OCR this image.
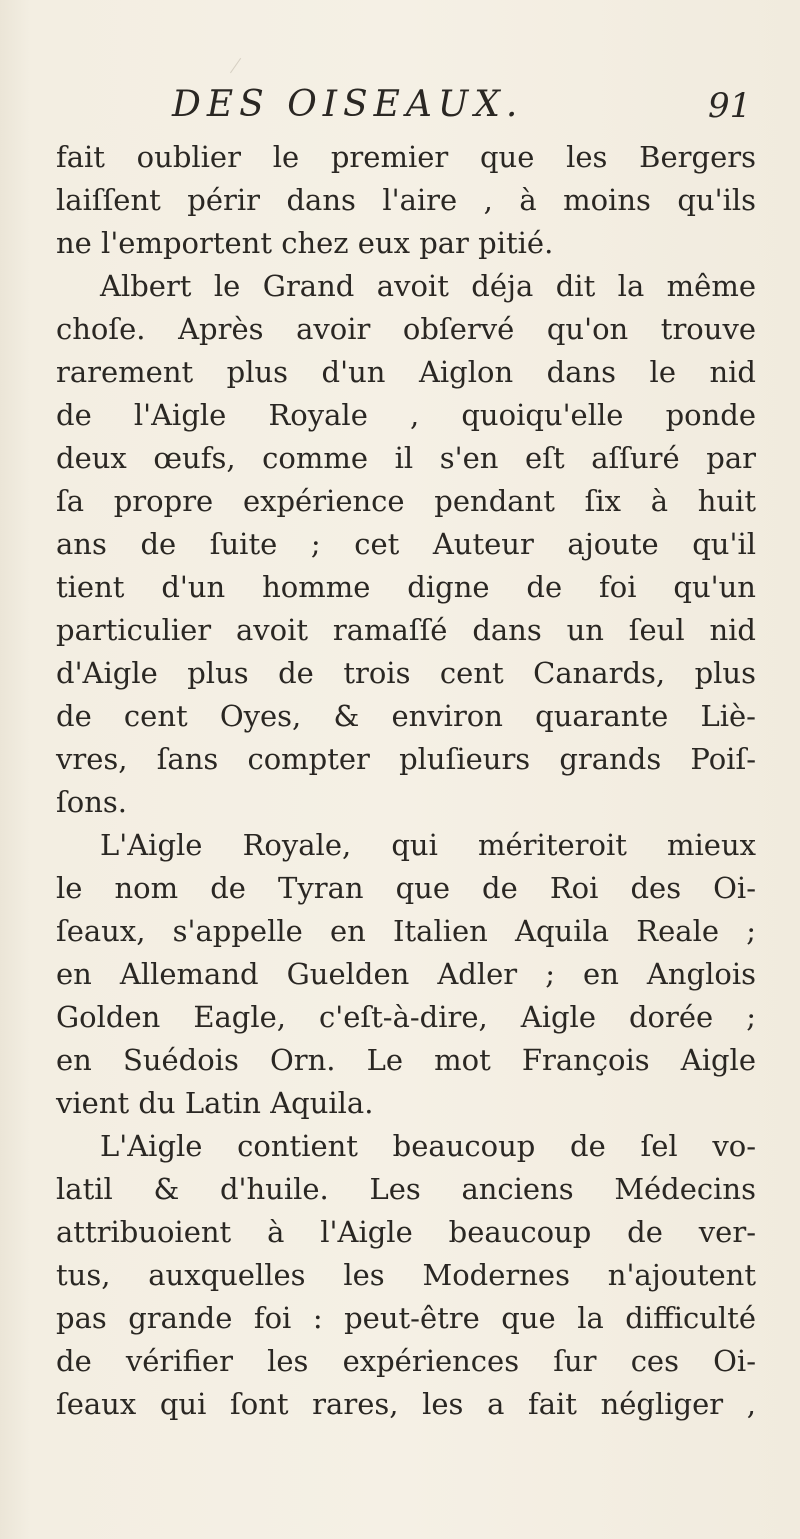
DES OISEAUX.	91
fait oublier le premier que les Bergers
laiſſent périr dans l'aire , à moins qu'ils
ne l'emportent chez eux par pitié.
Albert le Grand avoit déja dit la même
choſe. Après avoir obſervé qu'on trouve
rarement plus d'un Aiglon dans le nid
de l'Aigle Royale , quoiqu'elle ponde
deux œufs, comme il s'en eſt aſſuré par
ſa propre expérience pendant ſix à huit
ans de ſuite ; cet Auteur ajoute qu'il
tient d'un homme digne de foi qu'un
particulier avoit ramaſſé dans un ſeul nid
d'Aigle plus de trois cent Canards, plus
de cent Oyes, & environ quarante Liè-
vres, ſans compter pluſieurs grands Poiſ-
ſons.
L'Aigle Royale, qui mériteroit mieux
le nom de Tyran que de Roi des Oi-
ſeaux, s'appelle en Italien Aquila Reale ;
en Allemand Guelden Adler ; en Anglois
Golden Eagle, c'eſt-à-dire, Aigle dorée ;
en Suédois Orn. Le mot François Aigle
vient du Latin Aquila.
L'Aigle contient beaucoup de ſel vo-
latil & d'huile. Les anciens Médecins
attribuoient à l'Aigle beaucoup de ver-
tus, auxquelles les Modernes n'ajoutent
pas grande foi : peut-être que la difficulté
de vérifier les expériences ſur ces Oi-
ſeaux qui ſont rares, les a fait négliger ,
